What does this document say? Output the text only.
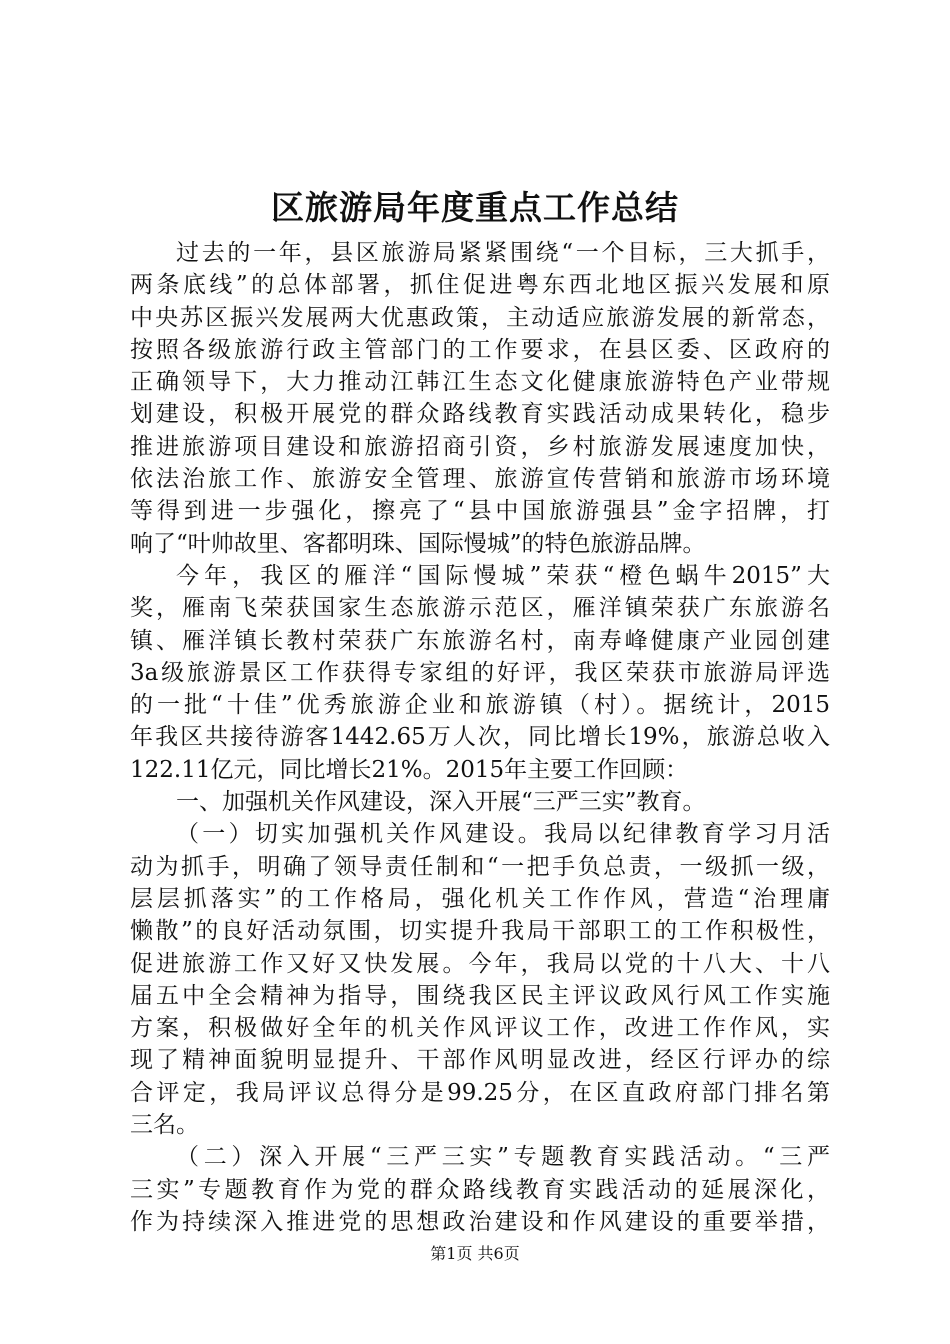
区旅游局年度重点工作总结
过去的一年，县区旅游局紧紧围绕“一个目标，三大抓手，
两条底线”的总体部署，抓住促进粤东西北地区振兴发展和原
中央苏区振兴发展两大优惠政策，主动适应旅游发展的新常态，
按照各级旅游行政主管部门的工作要求，在县区委、区政府的
正确领导下，大力推动江韩江生态文化健康旅游特色产业带规
划建设，积极开展党的群众路线教育实践活动成果转化，稳步
推进旅游项目建设和旅游招商引资，乡村旅游发展速度加快，
依法治旅工作、旅游安全管理、旅游宣传营销和旅游市场环境
等得到进一步强化，擦亮了“县中国旅游强县”金字招牌，打
响了“叶帅故里、客都明珠、国际慢城”的特色旅游品牌。
今年，我区的雁洋“国际慢城”荣获“橙色蜗牛2015”大
奖，雁南飞荣获国家生态旅游示范区，雁洋镇荣获广东旅游名
镇、雁洋镇长教村荣获广东旅游名村，南寿峰健康产业园创建
3a级旅游景区工作获得专家组的好评，我区荣获市旅游局评选
的一批“十佳”优秀旅游企业和旅游镇（村）。据统计，2015
年我区共接待游客1442.65万人次，同比增长19%，旅游总收入
122.11亿元，同比增长21%。2015年主要工作回顾：
一、加强机关作风建设，深入开展“三严三实”教育。
（一）切实加强机关作风建设。我局以纪律教育学习月活
动为抓手，明确了领导责任制和“一把手负总责，一级抓一级，
层层抓落实”的工作格局，强化机关工作作风，营造“治理庸
懒散”的良好活动氛围，切实提升我局干部职工的工作积极性，
促进旅游工作又好又快发展。今年，我局以党的十八大、十八
届五中全会精神为指导，围绕我区民主评议政风行风工作实施
方案，积极做好全年的机关作风评议工作，改进工作作风，实
现了精神面貌明显提升、干部作风明显改进，经区行评办的综
合评定，我局评议总得分是99.25分，在区直政府部门排名第
三名。
（二）深入开展“三严三实”专题教育实践活动。“三严
三实”专题教育作为党的群众路线教育实践活动的延展深化，
作为持续深入推进党的思想政治建设和作风建设的重要举措，
第1页 共6页
